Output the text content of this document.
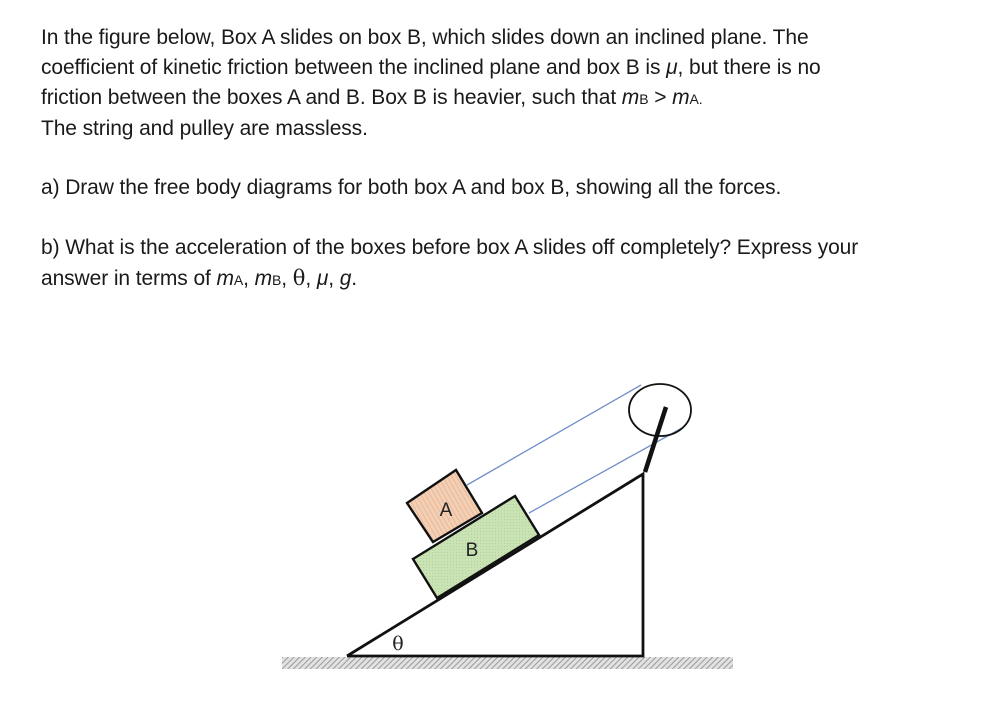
In the figure below, Box A slides on box B, which slides down an inclined plane. The
coefficient of kinetic friction between the inclined plane and box B is μ, but there is no
friction between the boxes A and B. Box B is heavier, such that mB > mA.
The string and pulley are massless.
a) Draw the free body diagrams for both box A and box B, showing all the forces.
b) What is the acceleration of the boxes before box A slides off completely? Express your
answer in terms of mA, mB, θ, μ, g.
B
A
θ
